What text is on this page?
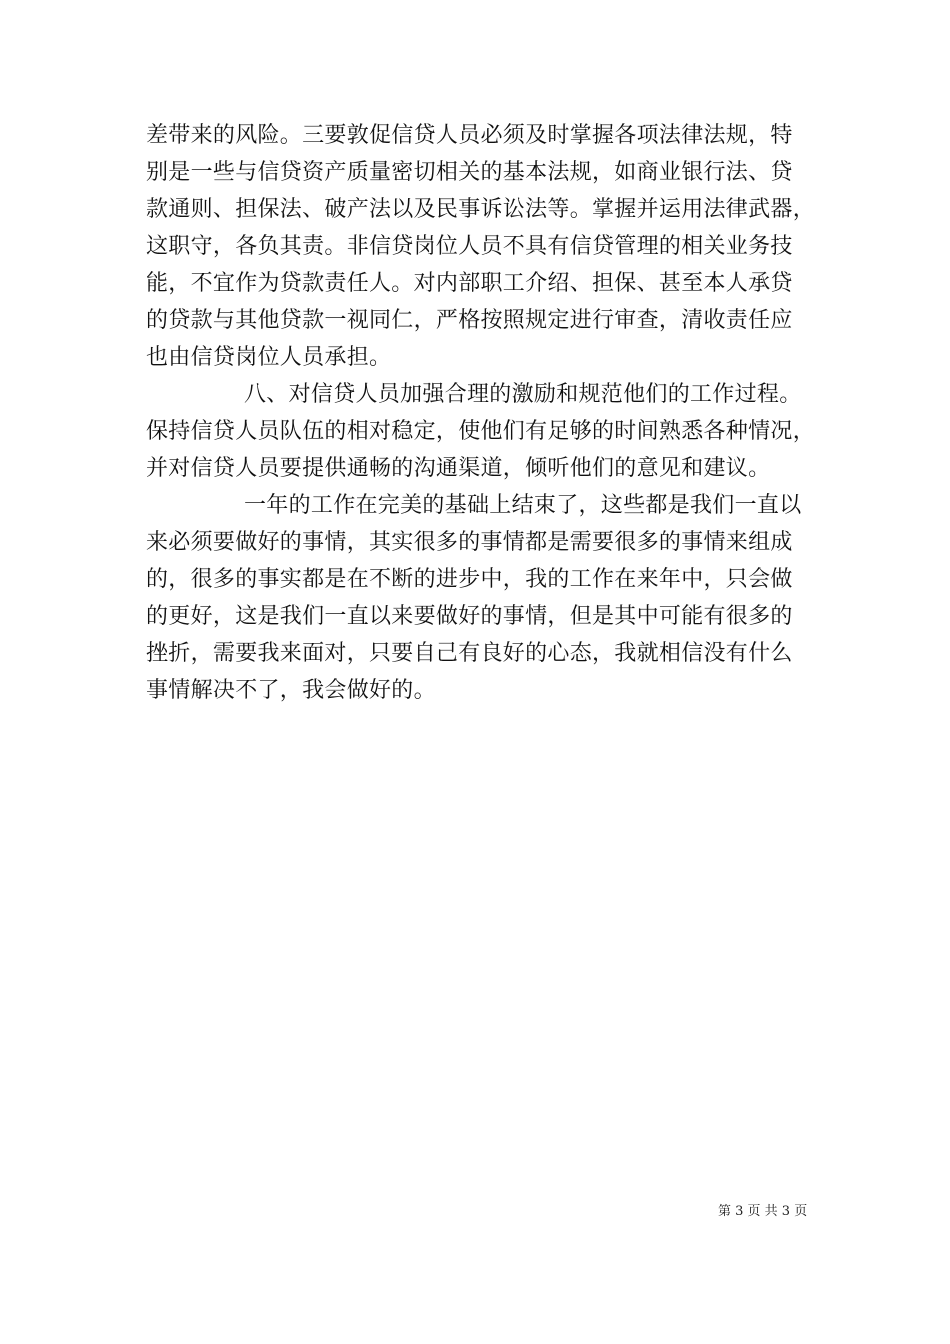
差带来的风险。三要敦促信贷人员必须及时掌握各项法律法规，特
别是一些与信贷资产质量密切相关的基本法规，如商业银行法、贷
款通则、担保法、破产法以及民事诉讼法等。掌握并运用法律武器，
这职守，各负其责。非信贷岗位人员不具有信贷管理的相关业务技
能，不宜作为贷款责任人。对内部职工介绍、担保、甚至本人承贷
的贷款与其他贷款一视同仁，严格按照规定进行审查，清收责任应
也由信贷岗位人员承担。
八、对信贷人员加强合理的激励和规范他们的工作过程。
保持信贷人员队伍的相对稳定，使他们有足够的时间熟悉各种情况，
并对信贷人员要提供通畅的沟通渠道，倾听他们的意见和建议。
一年的工作在完美的基础上结束了，这些都是我们一直以
来必须要做好的事情，其实很多的事情都是需要很多的事情来组成
的，很多的事实都是在不断的进步中，我的工作在来年中，只会做
的更好，这是我们一直以来要做好的事情，但是其中可能有很多的
挫折，需要我来面对，只要自己有良好的心态，我就相信没有什么
事情解决不了，我会做好的。
第 3 页 共 3 页
